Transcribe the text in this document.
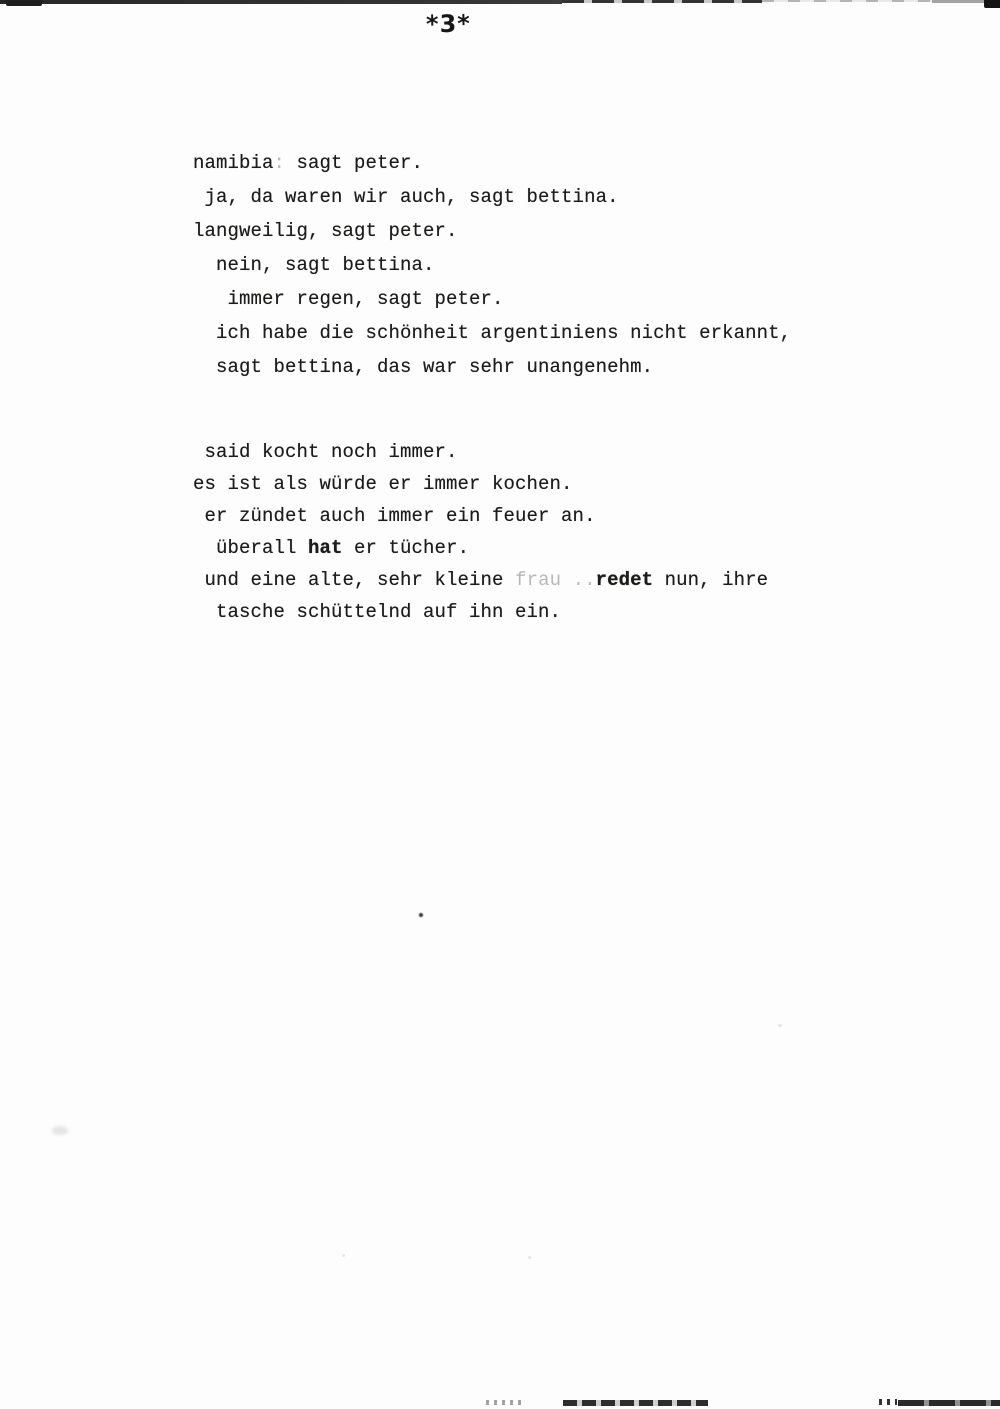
*3*
namibia: sagt peter.
ja, da waren wir auch, sagt bettina.
langweilig, sagt peter.
nein, sagt bettina.
immer regen, sagt peter.
ich habe die schönheit argentiniens nicht erkannt,
sagt bettina, das war sehr unangenehm.
said kocht noch immer.
es ist als würde er immer kochen.
er zündet auch immer ein feuer an.
überall hat er tücher.
und eine alte, sehr kleine frau ..redet nun, ihre
tasche schüttelnd auf ihn ein.
